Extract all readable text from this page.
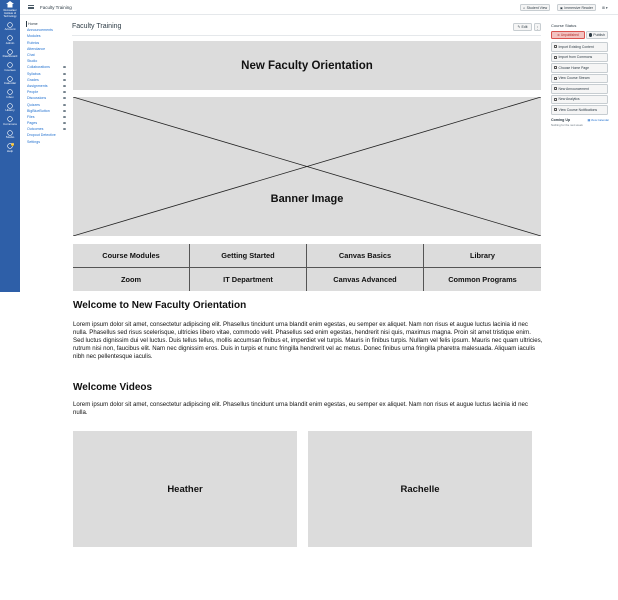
Rensselaer Institute of Technology
Account
Admin
Dashboard
Courses
Calendar
Inbox
History
Commons
Studio
10
Help
Faculty Training	∞ Student View	▣ Immersive Reader	⊞ ▾
Home
Announcements
Modules
Rubrics
Attendance
Chat
Studio
Collaborations
Syllabus
Grades
Assignments
People
Discussions
Quizzes
BigBlueButton
Files
Pages
Outcomes
Dropout Detective
Settings
Faculty Training	✎ Edit ⋮
New Faculty Orientation
Banner Image
Course Modules	Getting Started	Canvas Basics	Library
Zoom	IT Department	Canvas Advanced	Common Programs
Welcome to New Faculty Orientation
Lorem ipsum dolor sit amet, consectetur adipiscing elit. Phasellus tincidunt urna blandit enim egestas, eu semper ex aliquet. Nam non risus et augue luctus lacinia id nec nulla. Phasellus sed risus scelerisque, ultricies libero vitae, commodo velit. Phasellus sed enim egestas, hendrerit nisi quis, maximus magna. Proin sit amet tristique enim. Sed luctus dignissim dui vel luctus. Duis tellus tellus, mollis accumsan finibus et, imperdiet vel turpis. Mauris in finibus turpis. Nullam vel felis ipsum. Mauris nec quam ultricies, rutrum nisi non, faucibus elit. Nam nec dignissim eros. Duis in turpis et nunc fringilla hendrerit vel ac metus. Donec finibus urna fringilla pharetra malesuada. Aliquam iaculis nibh nec pellentesque iaculis.
Welcome Videos
Lorem ipsum dolor sit amet, consectetur adipiscing elit. Phasellus tincidunt urna blandit enim egestas, eu semper ex aliquet. Nam non risus et augue luctus lacinia id nec nulla.
Heather	Rachelle
Course Status
⊘ Unpublished	Publish
Import Existing Content
Import from Commons
Choose Home Page
View Course Stream
New Announcement
New Analytics
View Course Notifications
Coming Up	▦ View Calendar
Nothing for the next week
